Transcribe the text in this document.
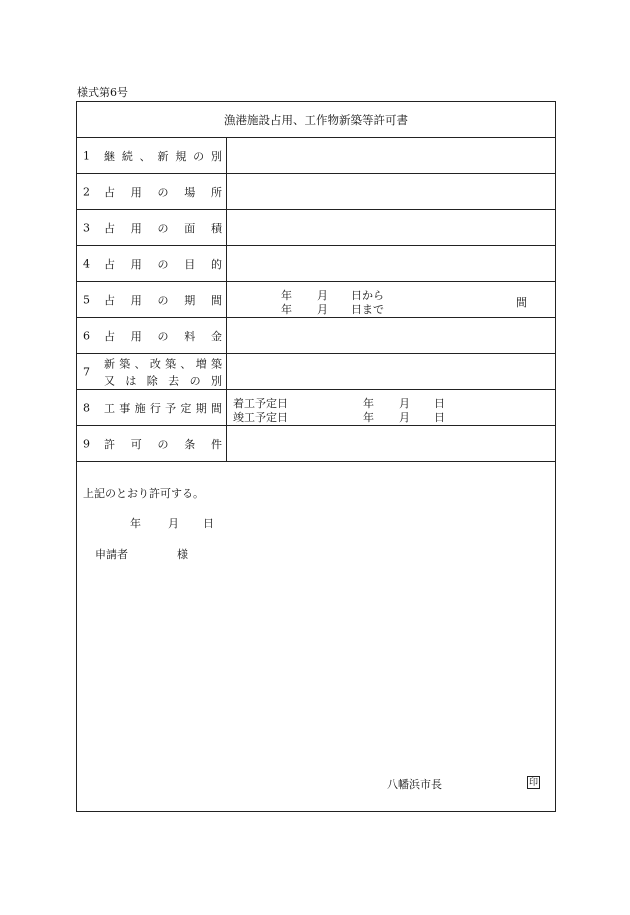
様式第6号
漁港施設占用、工作物新築等許可書
1 継 続 、 新 規 の 別
2 占 用 の 場 所
3 占 用 の 面 積
4 占 用 の 目 的
5 占 用 の 期 間	年 月 日から
年 月 日まで
間
6 占 用 の 料 金
7
新 築 、 改 築 、 増 築
又 は 除 去 の 別
8 工 事 施 行 予 定 期 間 着工予定日	年 月 日
竣工予定日	年 月 日
9 許 可 の 条 件
上記のとおり許可する。
年 月 日
申請者	様
八幡浜市長	印
